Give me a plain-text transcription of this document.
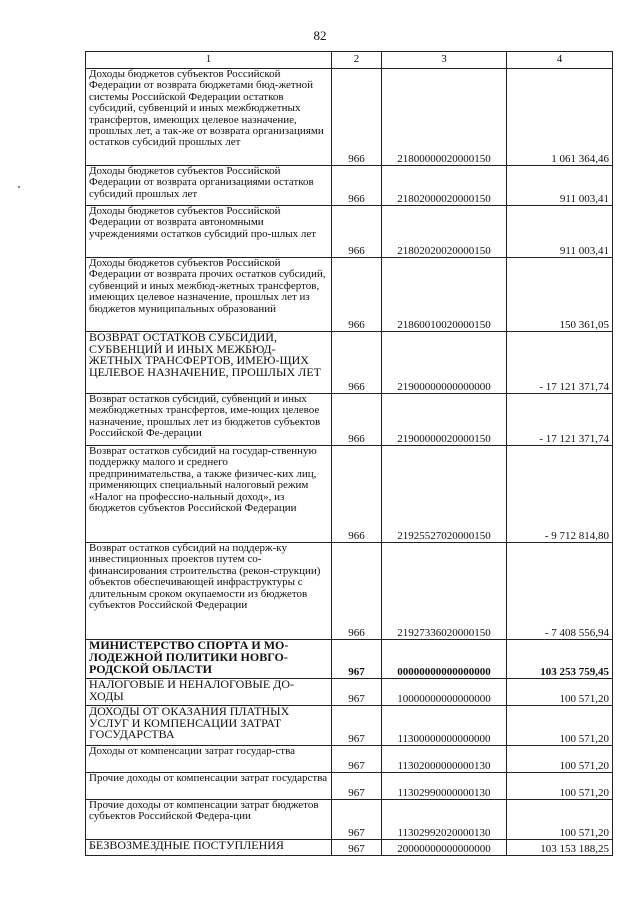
82
1	2	3	4
Доходы бюджетов субъектов Российской Федерации от возврата бюджетами бюд-жетной системы Российской Федерации остатков субсидий, субвенций и иных межбюджетных трансфертов, имеющих целевое назначение, прошлых лет, а так-же от возврата организациями остатков субсидий прошлых лет	966	21800000020000150	1 061 364,46
Доходы бюджетов субъектов Российской Федерации от возврата организациями остатков субсидий прошлых лет	966	21802000020000150	911 003,41
Доходы бюджетов субъектов Российской Федерации от возврата автономными учреждениями остатков субсидий про-шлых лет	966	21802020020000150	911 003,41
Доходы бюджетов субъектов Российской Федерации от возврата прочих остатков субсидий, субвенций и иных межбюд-жетных трансфертов, имеющих целевое назначение, прошлых лет из бюджетов муниципальных образований	966	21860010020000150	150 361,05
ВОЗВРАТ ОСТАТКОВ СУБСИДИЙ, СУБВЕНЦИЙ И ИНЫХ МЕЖБЮД-ЖЕТНЫХ ТРАНСФЕРТОВ, ИМЕЮ-ЩИХ ЦЕЛЕВОЕ НАЗНАЧЕНИЕ, ПРОШЛЫХ ЛЕТ	966	21900000000000000	- 17 121 371,74
Возврат остатков субсидий, субвенций и иных межбюджетных трансфертов, име-ющих целевое назначение, прошлых лет из бюджетов субъектов Российской Фе-дерации	966	21900000020000150	- 17 121 371,74
Возврат остатков субсидий на государ-ственную поддержку малого и среднего предпринимательства, а также физичес-ких лиц, применяющих специальный налоговый режим «Налог на профессио-нальный доход», из бюджетов субъектов Российской Федерации	966	21925527020000150	- 9 712 814,80
Возврат остатков субсидий на поддерж-ку инвестиционных проектов путем со-финансирования строительства (рекон-струкции) объектов обеспечивающей инфраструктуры с длительным сроком окупаемости из бюджетов субъектов Российской Федерации	966	21927336020000150	- 7 408 556,94
МИНИСТЕРСТВО СПОРТА И МО-ЛОДЕЖНОЙ ПОЛИТИКИ НОВГО-РОДСКОЙ ОБЛАСТИ	967	00000000000000000	103 253 759,45
НАЛОГОВЫЕ И НЕНАЛОГОВЫЕ ДО-ХОДЫ	967	10000000000000000	100 571,20
ДОХОДЫ ОТ ОКАЗАНИЯ ПЛАТНЫХ УСЛУГ И КОМПЕНСАЦИИ ЗАТРАТ ГОСУДАРСТВА	967	11300000000000000	100 571,20
Доходы от компенсации затрат государ-ства	967	11302000000000130	100 571,20
Прочие доходы от компенсации затрат государства	967	11302990000000130	100 571,20
Прочие доходы от компенсации затрат бюджетов субъектов Российской Федера-ции	967	11302992020000130	100 571,20
БЕЗВОЗМЕЗДНЫЕ ПОСТУПЛЕНИЯ	967	20000000000000000	103 153 188,25
